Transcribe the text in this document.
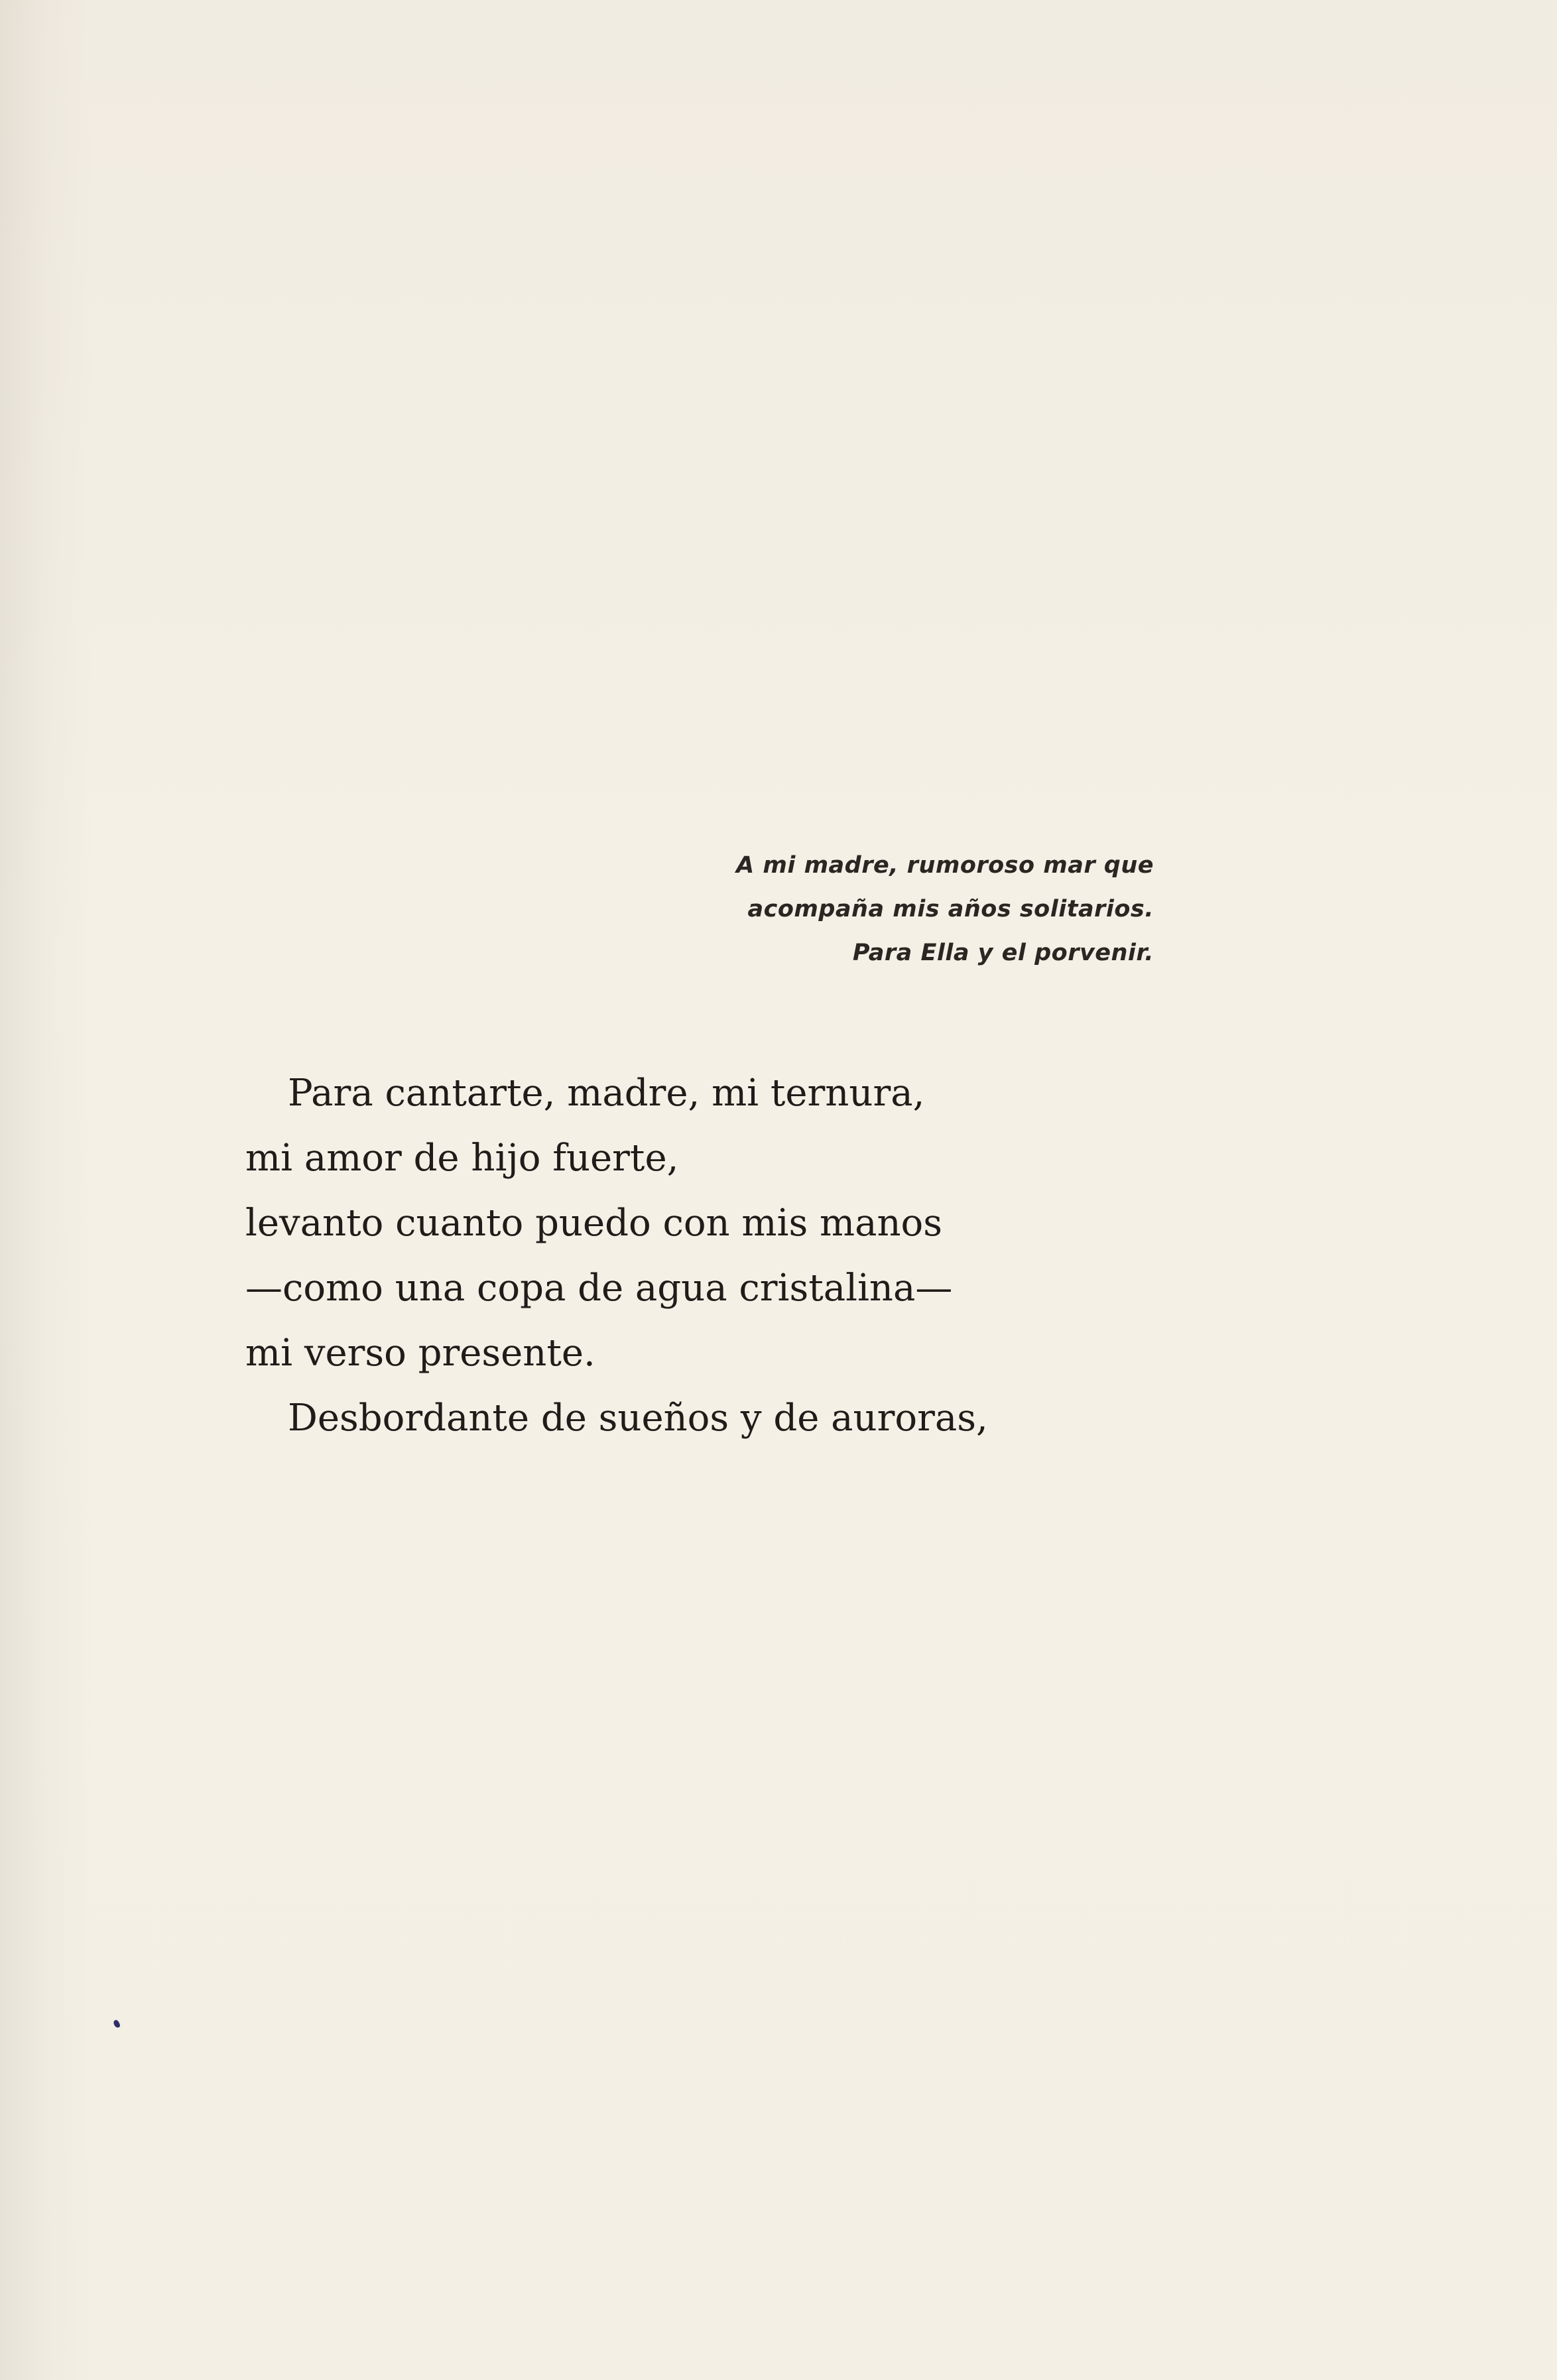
A mi madre, rumoroso mar que
acompaña mis años solitarios.
Para Ella y el porvenir.
Para cantarte, madre, mi ternura,
mi amor de hijo fuerte,
levanto cuanto puedo con mis manos
—como una copa de agua cristalina—
mi verso presente.
Desbordante de sueños y de auroras,
